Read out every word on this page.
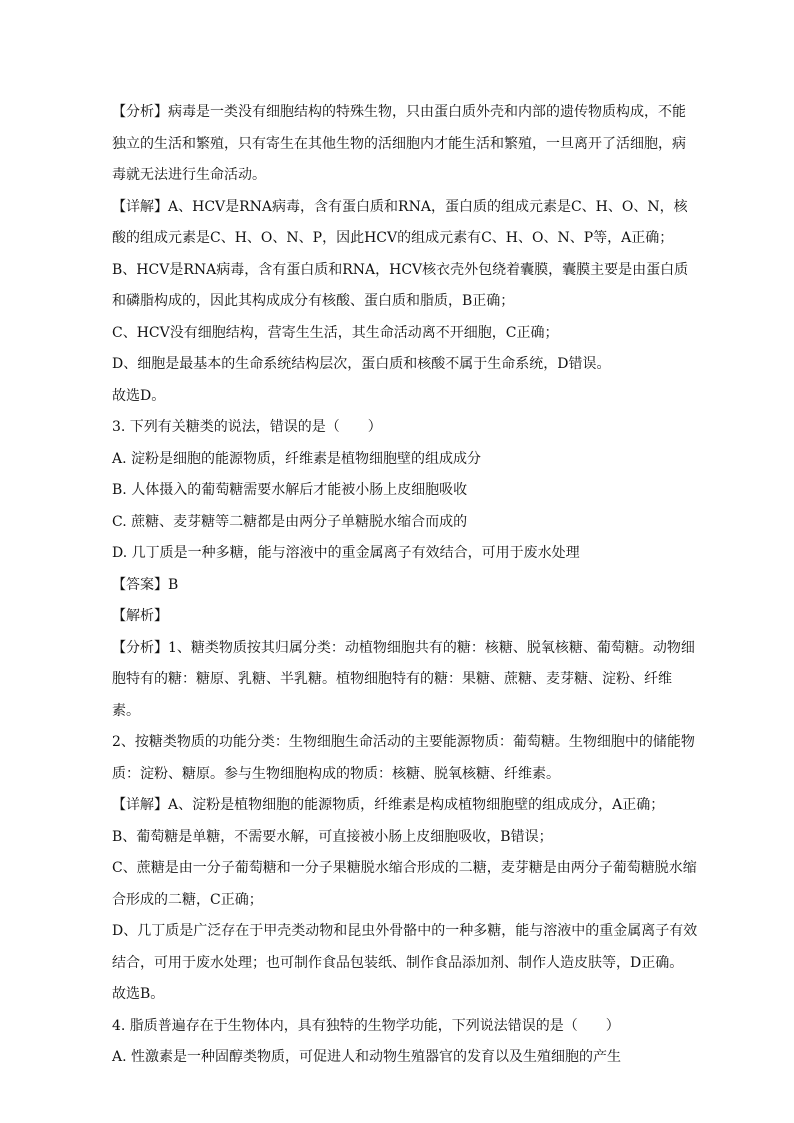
【分析】病毒是一类没有细胞结构的特殊生物，只由蛋白质外壳和内部的遗传物质构成，不能独立的生活和繁殖，只有寄生在其他生物的活细胞内才能生活和繁殖，一旦离开了活细胞，病毒就无法进行生命活动。

【详解】A、HCV是RNA病毒，含有蛋白质和RNA，蛋白质的组成元素是C、H、O、N，核酸的组成元素是C、H、O、N、P，因此HCV的组成元素有C、H、O、N、P等，A正确；

B、HCV是RNA病毒，含有蛋白质和RNA，HCV核衣壳外包绕着囊膜，囊膜主要是由蛋白质和磷脂构成的，因此其构成成分有核酸、蛋白质和脂质，B正确；

C、HCV没有细胞结构，营寄生生活，其生命活动离不开细胞，C正确；

D、细胞是最基本的生命系统结构层次，蛋白质和核酸不属于生命系统，D错误。

故选D。

3. 下列有关糖类的说法，错误的是（　　）

A. 淀粉是细胞的能源物质，纤维素是植物细胞壁的组成成分

B. 人体摄入的葡萄糖需要水解后才能被小肠上皮细胞吸收

C. 蔗糖、麦芽糖等二糖都是由两分子单糖脱水缩合而成的

D. 几丁质是一种多糖，能与溶液中的重金属离子有效结合，可用于废水处理

【答案】B

【解析】

【分析】1、糖类物质按其归属分类：动植物细胞共有的糖：核糖、脱氧核糖、葡萄糖。动物细胞特有的糖：糖原、乳糖、半乳糖。植物细胞特有的糖：果糖、蔗糖、麦芽糖、淀粉、纤维素。

2、按糖类物质的功能分类：生物细胞生命活动的主要能源物质：葡萄糖。生物细胞中的储能物质：淀粉、糖原。参与生物细胞构成的物质：核糖、脱氧核糖、纤维素。

【详解】A、淀粉是植物细胞的能源物质，纤维素是构成植物细胞壁的组成成分，A正确；

B、葡萄糖是单糖，不需要水解，可直接被小肠上皮细胞吸收，B错误；

C、蔗糖是由一分子葡萄糖和一分子果糖脱水缩合形成的二糖，麦芽糖是由两分子葡萄糖脱水缩合形成的二糖，C正确；

D、几丁质是广泛存在于甲壳类动物和昆虫外骨骼中的一种多糖，能与溶液中的重金属离子有效结合，可用于废水处理；也可制作食品包装纸、制作食品添加剂、制作人造皮肤等，D正确。

故选B。

4. 脂质普遍存在于生物体内，具有独特的生物学功能，下列说法错误的是（　　）

A. 性激素是一种固醇类物质，可促进人和动物生殖器官的发育以及生殖细胞的产生
